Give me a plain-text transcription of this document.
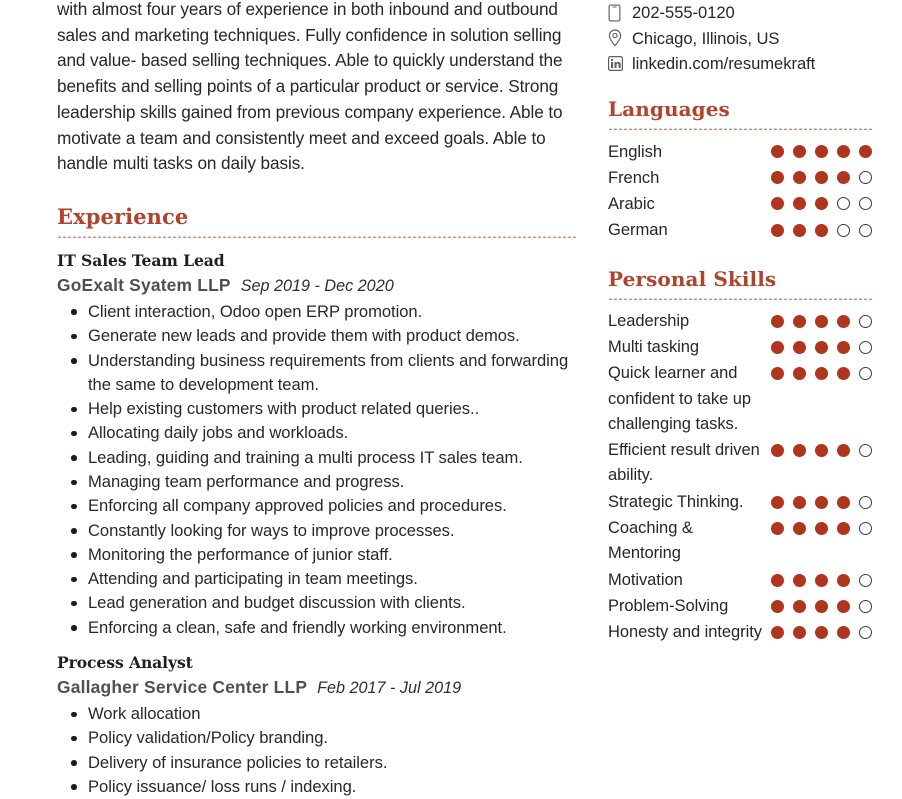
with almost four years of experience in both inbound and outbound sales and marketing techniques. Fully confidence in solution selling and value- based selling techniques. Able to quickly understand the benefits and selling points of a particular product or service. Strong leadership skills gained from previous company experience. Able to motivate a team and consistently meet and exceed goals. Able to handle multi tasks on daily basis.

Experience
IT Sales Team Lead
GoExalt Syatem LLP Sep 2019 - Dec 2020
Client interaction, Odoo open ERP promotion.
Generate new leads and provide them with product demos.
Understanding business requirements from clients and forwarding the same to development team.
Help existing customers with product related queries..
Allocating daily jobs and workloads.
Leading, guiding and training a multi process IT sales team.
Managing team performance and progress.
Enforcing all company approved policies and procedures.
Constantly looking for ways to improve processes.
Monitoring the performance of junior staff.
Attending and participating in team meetings.
Lead generation and budget discussion with clients.
Enforcing a clean, safe and friendly working environment.
Process Analyst
Gallagher Service Center LLP Feb 2017 - Jul 2019
Work allocation
Policy validation/Policy branding.
Delivery of insurance policies to retailers.
Policy issuance/ loss runs / indexing.
202-555-0120
Chicago, Illinois, US
linkedin.com/resumekraft
Languages
English
French
Arabic
German
Personal Skills
Leadership
Multi tasking
Quick learner and confident to take up challenging tasks.
Efficient result driven ability.
Strategic Thinking.
Coaching & Mentoring
Motivation
Problem-Solving
Honesty and integrity
